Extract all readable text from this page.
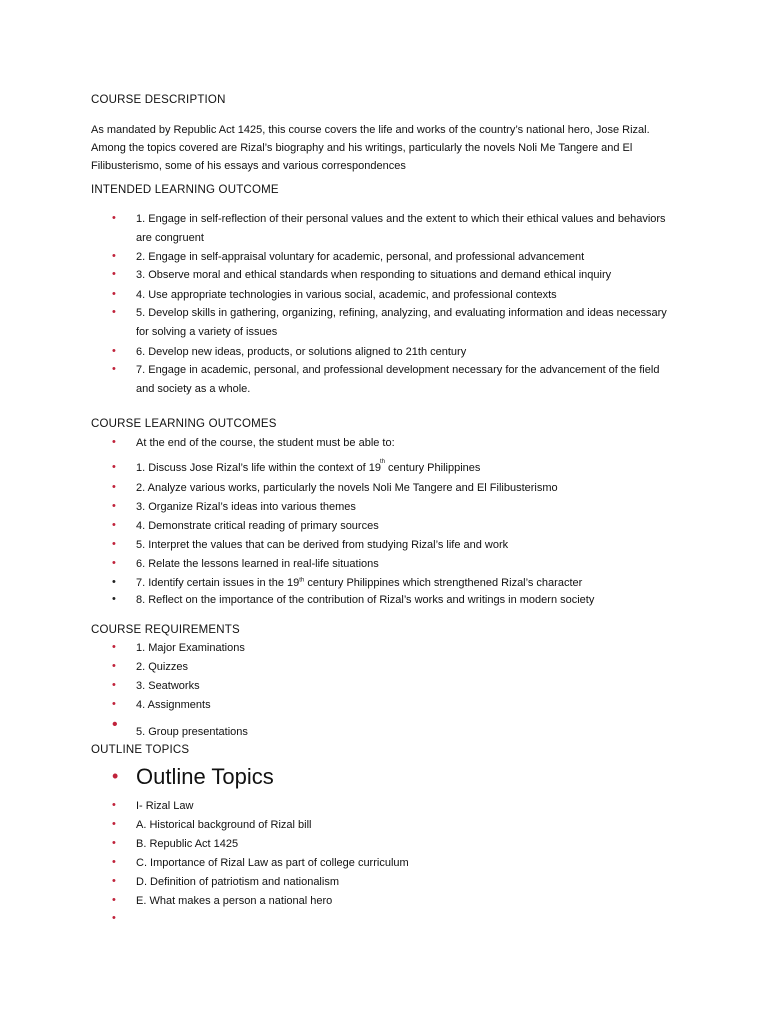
COURSE DESCRIPTION
As mandated by Republic Act 1425, this course covers the life and works of the country’s national hero, Jose Rizal. Among the topics covered are Rizal’s biography and his writings, particularly the novels Noli Me Tangere and El Filibusterismo, some of his essays and various correspondences
INTENDED LEARNING OUTCOME
• 1. Engage in self-reflection of their personal values and the extent to which their ethical values and behaviors are congruent
• 2. Engage in self-appraisal voluntary for academic, personal, and professional advancement
• 3. Observe moral and ethical standards when responding to situations and demand ethical inquiry
• 4. Use appropriate technologies in various social, academic, and professional contexts
• 5. Develop skills in gathering, organizing, refining, analyzing, and evaluating information and ideas necessary for solving a variety of issues
• 6. Develop new ideas, products, or solutions aligned to 21th century
• 7. Engage in academic, personal, and professional development necessary for the advancement of the field and society as a whole.
COURSE LEARNING OUTCOMES
• At the end of the course, the student must be able to:
• 1. Discuss Jose Rizal’s life within the context of 19th century Philippines
• 2. Analyze various works, particularly the novels Noli Me Tangere and El Filibusterismo
• 3. Organize Rizal’s ideas into various themes
• 4. Demonstrate critical reading of primary sources
• 5. Interpret the values that can be derived from studying Rizal’s life and work
• 6. Relate the lessons learned in real-life situations
• 7. Identify certain issues in the 19th century Philippines which strengthened Rizal’s character
• 8. Reflect on the importance of the contribution of Rizal’s works and writings in modern society
COURSE REQUIREMENTS
• 1. Major Examinations
• 2. Quizzes
• 3. Seatworks
• 4. Assignments
• 5. Group presentations
OUTLINE TOPICS
• Outline Topics
• I- Rizal Law
• A. Historical background of Rizal bill
• B. Republic Act 1425
• C. Importance of Rizal Law as part of college curriculum
• D. Definition of patriotism and nationalism
• E. What makes a person a national hero
•
